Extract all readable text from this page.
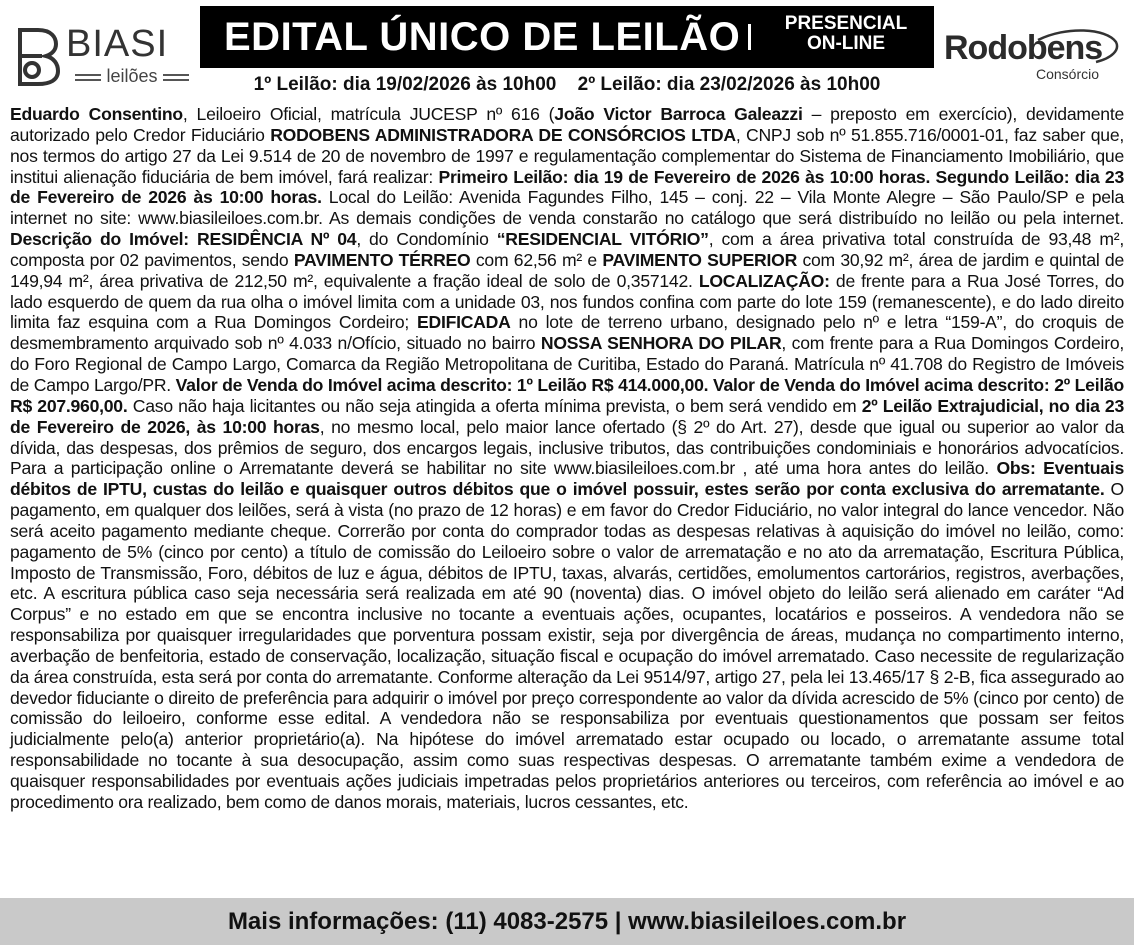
BIASI
leilões
EDITAL ÚNICO DE LEILÃO	PRESENCIAL
ON-LINE
1º Leilão: dia 19/02/2026 às 10h00 2º Leilão: dia 23/02/2026 às 10h00
Rodobens
Consórcio
Eduardo Consentino, Leiloeiro Oficial, matrícula JUCESP nº 616 (João Victor Barroca Galeazzi – preposto em exercício), devidamente autorizado pelo Credor Fiduciário RODOBENS ADMINISTRADORA DE CONSÓRCIOS LTDA, CNPJ sob nº 51.855.716/0001-01, faz saber que, nos termos do artigo 27 da Lei 9.514 de 20 de novembro de 1997 e regulamentação complementar do Sistema de Financiamento Imobiliário, que institui alienação fiduciária de bem imóvel, fará realizar: Primeiro Leilão: dia 19 de Fevereiro de 2026 às 10:00 horas. Segundo Leilão: dia 23 de Fevereiro de 2026 às 10:00 horas. Local do Leilão: Avenida Fagundes Filho, 145 – conj. 22 – Vila Monte Alegre – São Paulo/SP e pela internet no site: www.biasileiloes.com.br. As demais condições de venda constarão no catálogo que será distribuído no leilão ou pela internet. Descrição do Imóvel: RESIDÊNCIA Nº 04, do Condomínio “RESIDENCIAL VITÓRIO”, com a área privativa total construída de 93,48 m², composta por 02 pavimentos, sendo PAVIMENTO TÉRREO com 62,56 m² e PAVIMENTO SUPERIOR com 30,92 m², área de jardim e quintal de 149,94 m², área privativa de 212,50 m², equivalente a fração ideal de solo de 0,357142. LOCALIZAÇÃO: de frente para a Rua José Torres, do lado esquerdo de quem da rua olha o imóvel limita com a unidade 03, nos fundos confina com parte do lote 159 (remanescente), e do lado direito limita faz esquina com a Rua Domingos Cordeiro; EDIFICADA no lote de terreno urbano, designado pelo nº e letra “159-A”, do croquis de desmembramento arquivado sob nº 4.033 n/Ofício, situado no bairro NOSSA SENHORA DO PILAR, com frente para a Rua Domingos Cordeiro, do Foro Regional de Campo Largo, Comarca da Região Metropolitana de Curitiba, Estado do Paraná. Matrícula nº 41.708 do Registro de Imóveis de Campo Largo/PR. Valor de Venda do Imóvel acima descrito: 1º Leilão R$ 414.000,00. Valor de Venda do Imóvel acima descrito: 2º Leilão R$ 207.960,00. Caso não haja licitantes ou não seja atingida a oferta mínima prevista, o bem será vendido em 2º Leilão Extrajudicial, no dia 23 de Fevereiro de 2026, às 10:00 horas, no mesmo local, pelo maior lance ofertado (§ 2º do Art. 27), desde que igual ou superior ao valor da dívida, das despesas, dos prêmios de seguro, dos encargos legais, inclusive tributos, das contribuições condominiais e honorários advocatícios. Para a participação online o Arrematante deverá se habilitar no site www.biasileiloes.com.br , até uma hora antes do leilão. Obs: Eventuais débitos de IPTU, custas do leilão e quaisquer outros débitos que o imóvel possuir, estes serão por conta exclusiva do arrematante. O pagamento, em qualquer dos leilões, será à vista (no prazo de 12 horas) e em favor do Credor Fiduciário, no valor integral do lance vencedor. Não será aceito pagamento mediante cheque. Correrão por conta do comprador todas as despesas relativas à aquisição do imóvel no leilão, como: pagamento de 5% (cinco por cento) a título de comissão do Leiloeiro sobre o valor de arrematação e no ato da arrematação, Escritura Pública, Imposto de Transmissão, Foro, débitos de luz e água, débitos de IPTU, taxas, alvarás, certidões, emolumentos cartorários, registros, averbações, etc. A escritura pública caso seja necessária será realizada em até 90 (noventa) dias. O imóvel objeto do leilão será alienado em caráter “Ad Corpus” e no estado em que se encontra inclusive no tocante a eventuais ações, ocupantes, locatários e posseiros. A vendedora não se responsabiliza por quaisquer irregularidades que porventura possam existir, seja por divergência de áreas, mudança no compartimento interno, averbação de benfeitoria, estado de conservação, localização, situação fiscal e ocupação do imóvel arrematado. Caso necessite de regularização da área construída, esta será por conta do arrematante. Conforme alteração da Lei 9514/97, artigo 27, pela lei 13.465/17 § 2-B, fica assegurado ao devedor fiduciante o direito de preferência para adquirir o imóvel por preço correspondente ao valor da dívida acrescido de 5% (cinco por cento) de comissão do leiloeiro, conforme esse edital. A vendedora não se responsabiliza por eventuais questionamentos que possam ser feitos judicialmente pelo(a) anterior proprietário(a). Na hipótese do imóvel arrematado estar ocupado ou locado, o arrematante assume total responsabilidade no tocante à sua desocupação, assim como suas respectivas despesas. O arrematante também exime a vendedora de quaisquer responsabilidades por eventuais ações judiciais impetradas pelos proprietários anteriores ou terceiros, com referência ao imóvel e ao procedimento ora realizado, bem como de danos morais, materiais, lucros cessantes, etc.
Mais informações: (11) 4083-2575 | www.biasileiloes.com.br
